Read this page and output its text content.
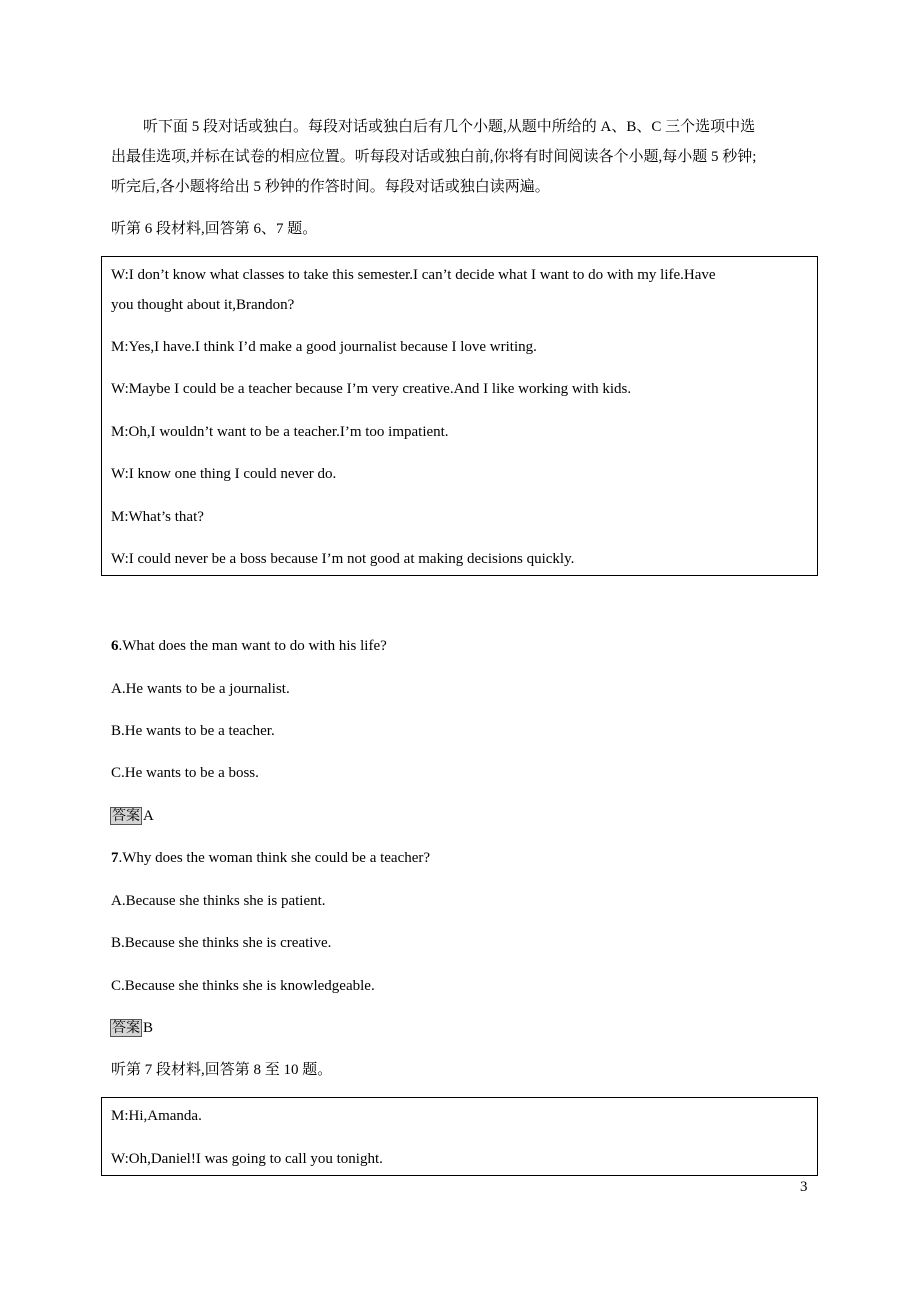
听下面 5 段对话或独白。每段对话或独白后有几个小题,从题中所给的 A、B、C 三个选项中选
出最佳选项,并标在试卷的相应位置。听每段对话或独白前,你将有时间阅读各个小题,每小题 5 秒钟;
听完后,各小题将给出 5 秒钟的作答时间。每段对话或独白读两遍。
听第 6 段材料,回答第 6、7 题。
W:I don’t know what classes to take this semester.I can’t decide what I want to do with my life.Have
you thought about it,Brandon?
M:Yes,I have.I think I’d make a good journalist because I love writing.
W:Maybe I could be a teacher because I’m very creative.And I like working with kids.
M:Oh,I wouldn’t want to be a teacher.I’m too impatient.
W:I know one thing I could never do.
M:What’s that?
W:I could never be a boss because I’m not good at making decisions quickly.
6.What does the man want to do with his life?
A.He wants to be a journalist.
B.He wants to be a teacher.
C.He wants to be a boss.
答案 A
7.Why does the woman think she could be a teacher?
A.Because she thinks she is patient.
B.Because she thinks she is creative.
C.Because she thinks she is knowledgeable.
答案 B
听第 7 段材料,回答第 8 至 10 题。
M:Hi,Amanda.
W:Oh,Daniel!I was going to call you tonight.
3
